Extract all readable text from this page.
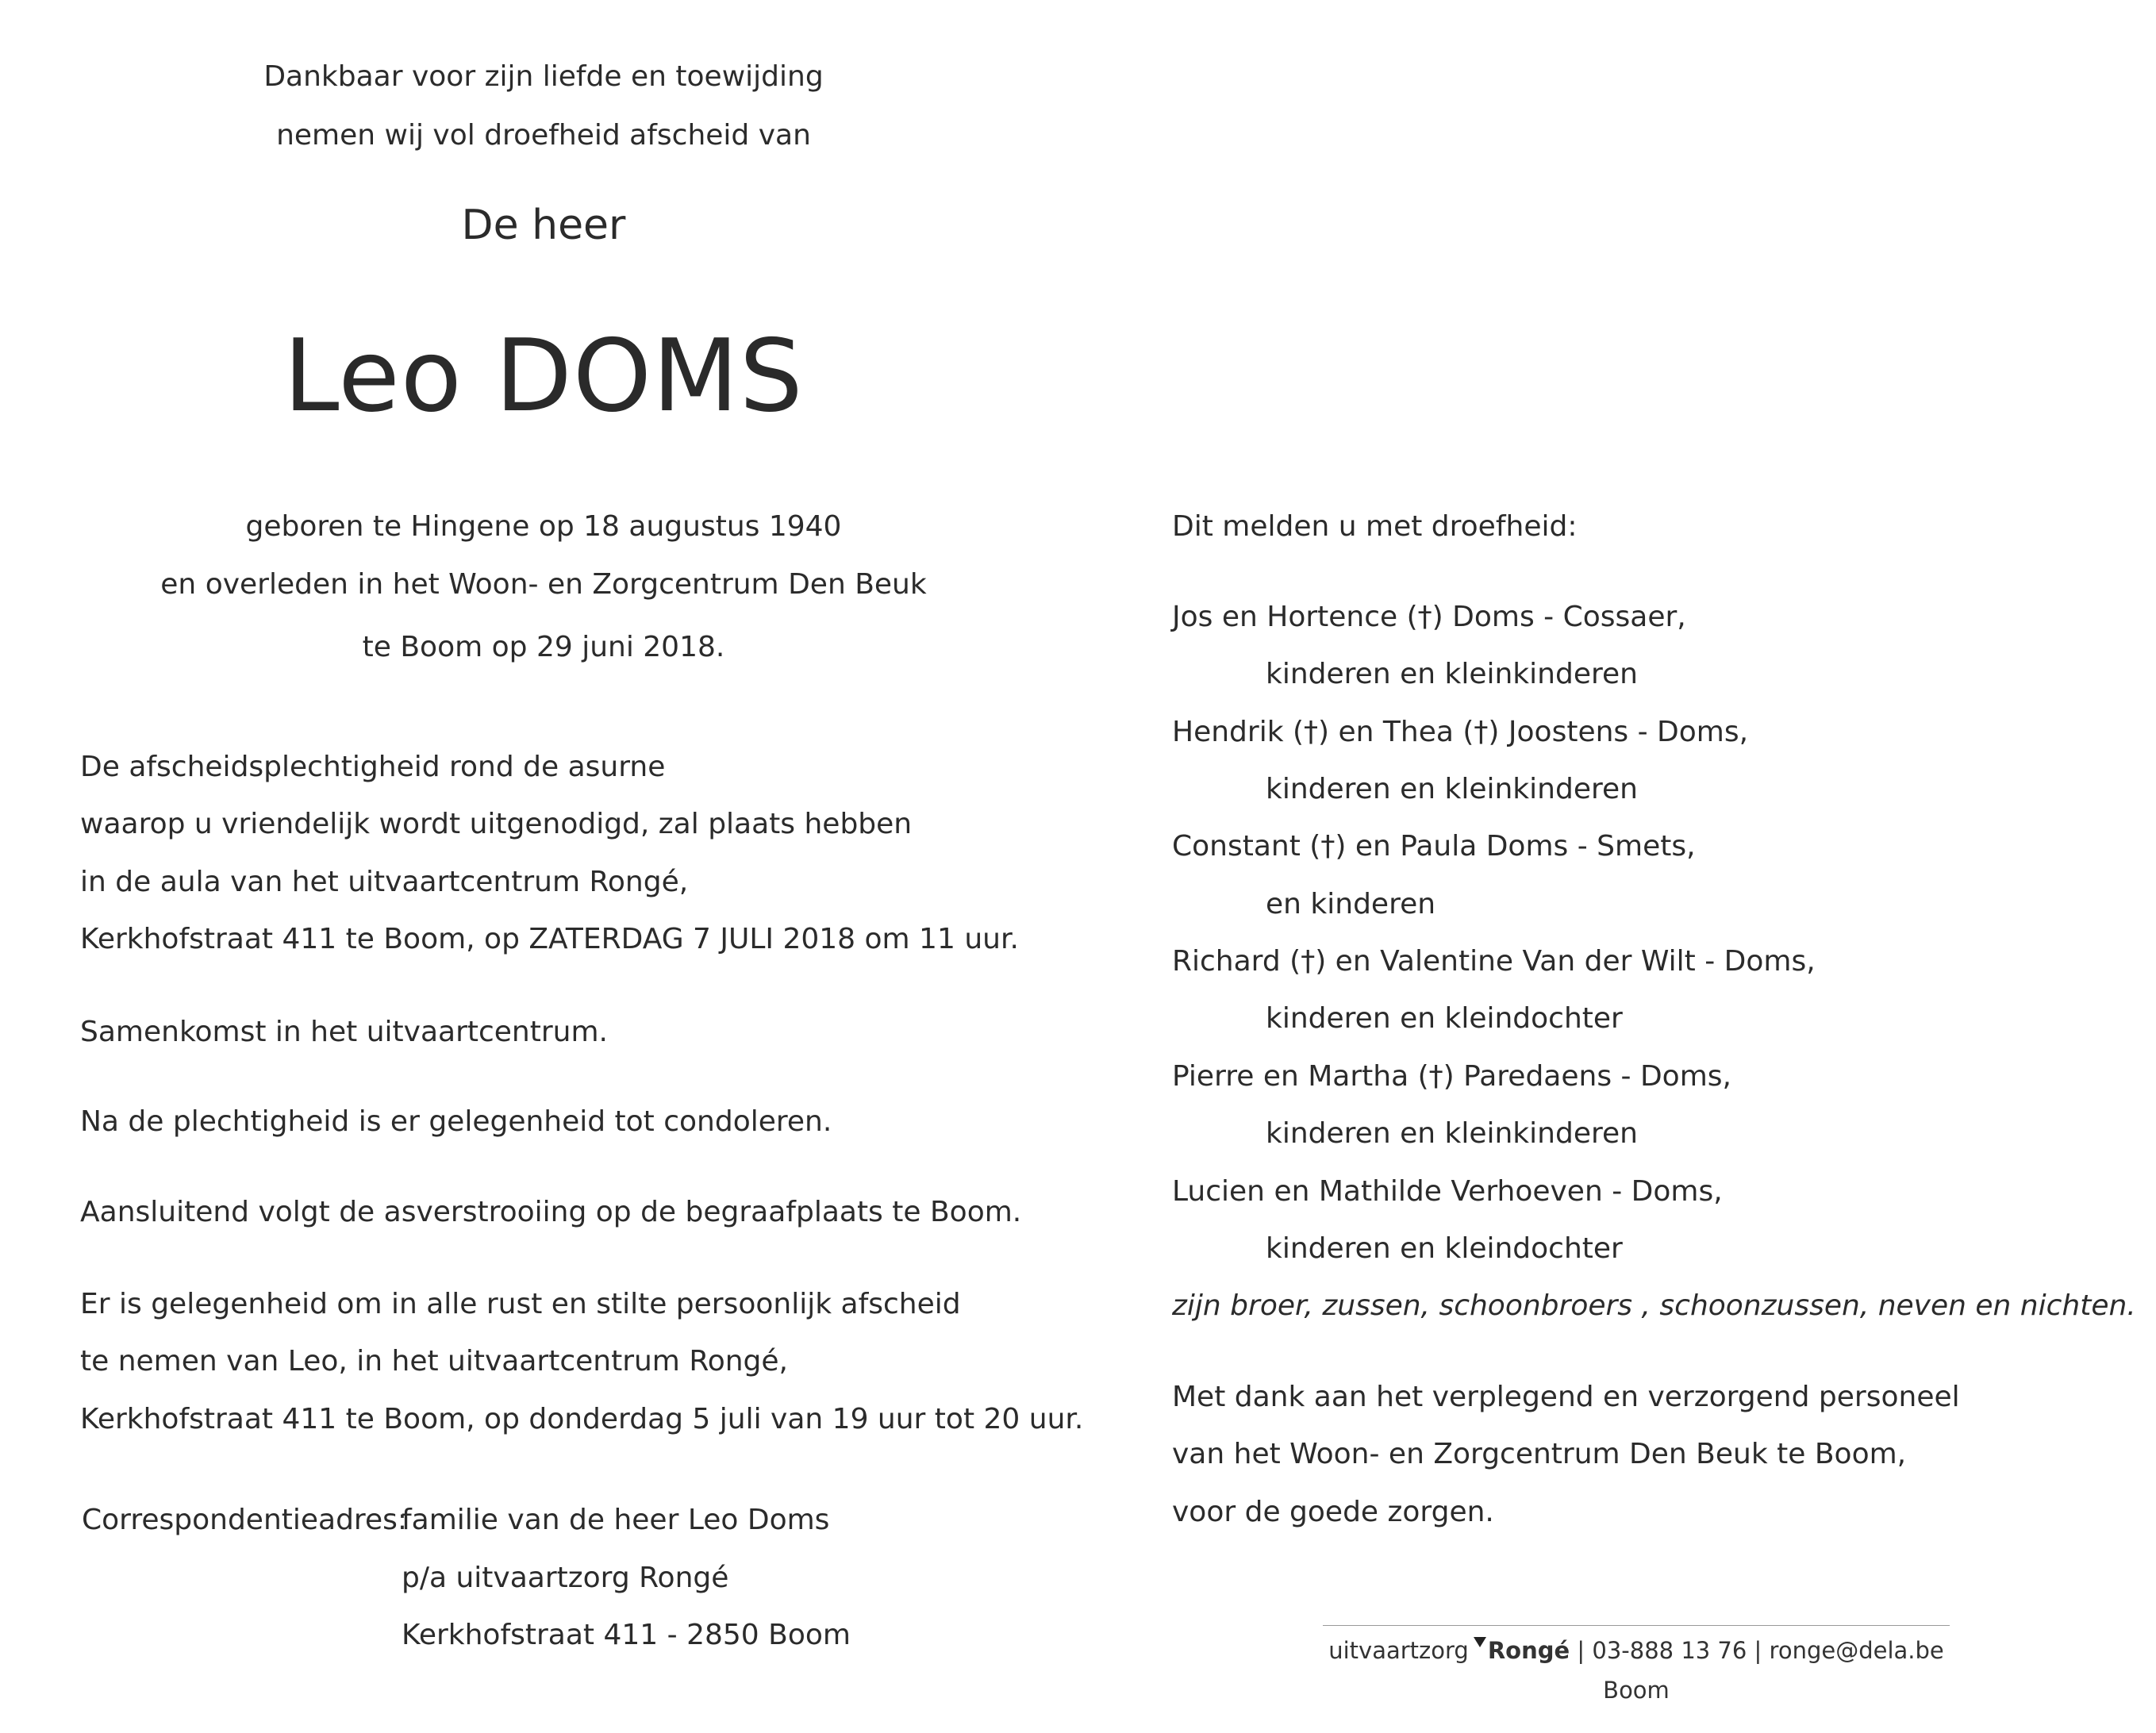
Dankbaar voor zijn liefde en toewijding
nemen wij vol droefheid afscheid van
De heer
Leo DOMS
geboren te Hingene op 18 augustus 1940
en overleden in het Woon- en Zorgcentrum Den Beuk
te Boom op 29 juni 2018.
De afscheidsplechtigheid rond de asurne
waarop u vriendelijk wordt uitgenodigd, zal plaats hebben
in de aula van het uitvaartcentrum Rongé,
Kerkhofstraat 411 te Boom, op ZATERDAG 7 JULI 2018 om 11 uur.
Samenkomst in het uitvaartcentrum.
Na de plechtigheid is er gelegenheid tot condoleren.
Aansluitend volgt de asverstrooiing op de begraafplaats te Boom.
Er is gelegenheid om in alle rust en stilte persoonlijk afscheid
te nemen van Leo, in het uitvaartcentrum Rongé,
Kerkhofstraat 411 te Boom, op donderdag 5 juli van 19 uur tot 20 uur.
Correspondentieadres:
familie van de heer Leo Doms
p/a uitvaartzorg Rongé
Kerkhofstraat 411 - 2850 Boom
Dit melden u met droefheid:
Jos en Hortence (†) Doms - Cossaer,
kinderen en kleinkinderen
Hendrik (†) en Thea (†) Joostens - Doms,
kinderen en kleinkinderen
Constant (†) en Paula Doms - Smets,
en kinderen
Richard (†) en Valentine Van der Wilt - Doms,
kinderen en kleindochter
Pierre en Martha (†) Paredaens - Doms,
kinderen en kleinkinderen
Lucien en Mathilde Verhoeven - Doms,
kinderen en kleindochter
zijn broer, zussen, schoonbroers , schoonzussen, neven en nichten.
Met dank aan het verplegend en verzorgend personeel
van het Woon- en Zorgcentrum Den Beuk te Boom,
voor de goede zorgen.
uitvaartzorg Rongé | 03-888 13 76 | ronge@dela.be
Boom
